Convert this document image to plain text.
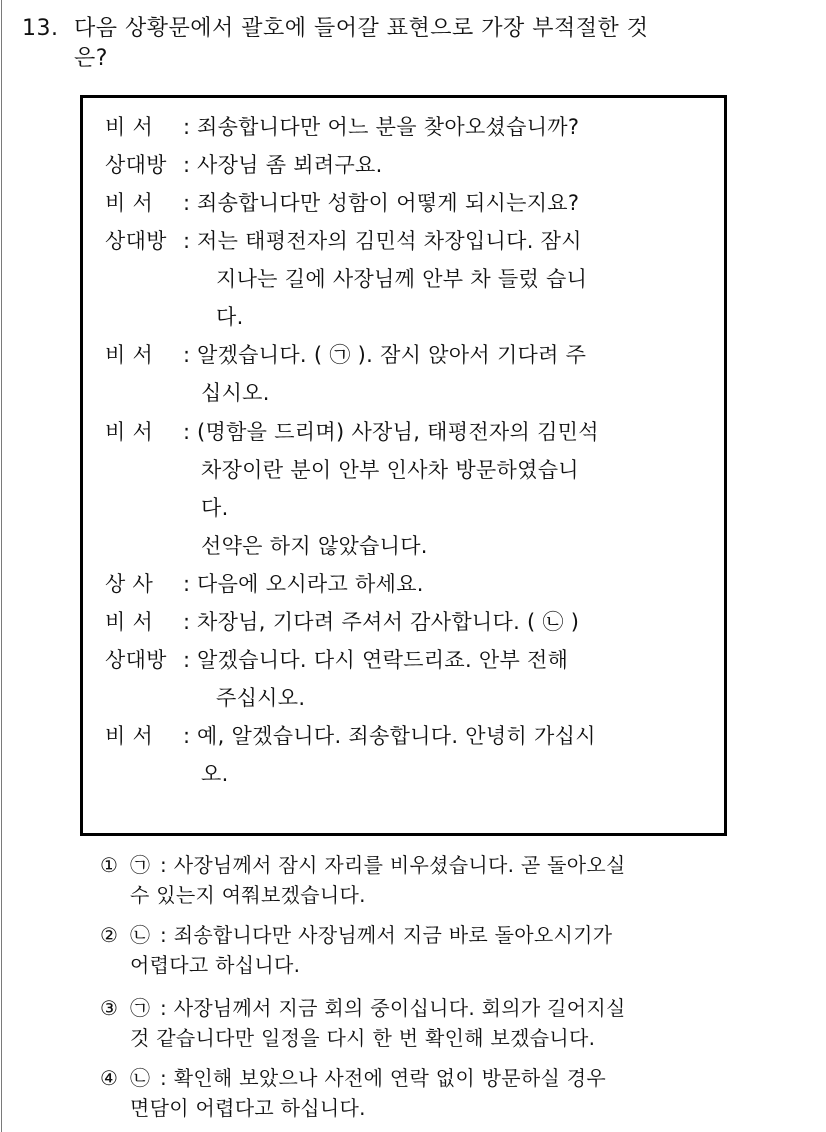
13. 다음 상황문에서 괄호에 들어갈 표현으로 가장 부적절한 것
은?
비 서 : 죄송합니다만 어느 분을 찾아오셨습니까?
상대방 : 사장님 좀 뵈려구요.
비 서 : 죄송합니다만 성함이 어떻게 되시는지요?
상대방 : 저는 태평전자의 김민석 차장입니다. 잠시
지나는 길에 사장님께 안부 차 들렀 습니
다.
비 서 : 알겠습니다. ( ㉠ ). 잠시 앉아서 기다려 주
십시오.
비 서 : (명함을 드리며) 사장님, 태평전자의 김민석
차장이란 분이 안부 인사차 방문하였습니
다.
선약은 하지 않았습니다.
상 사 : 다음에 오시라고 하세요.
비 서 : 차장님, 기다려 주셔서 감사합니다. ( ㉡ )
상대방 : 알겠습니다. 다시 연락드리죠. 안부 전해
주십시오.
비 서 : 예, 알겠습니다. 죄송합니다. 안녕히 가십시
오.
① ㉠ : 사장님께서 잠시 자리를 비우셨습니다. 곧 돌아오실
수 있는지 여쭤보겠습니다.
② ㉡ : 죄송합니다만 사장님께서 지금 바로 돌아오시기가
어렵다고 하십니다.
③ ㉠ : 사장님께서 지금 회의 중이십니다. 회의가 길어지실
것 같습니다만 일정을 다시 한 번 확인해 보겠습니다.
④ ㉡ : 확인해 보았으나 사전에 연락 없이 방문하실 경우
면담이 어렵다고 하십니다.
